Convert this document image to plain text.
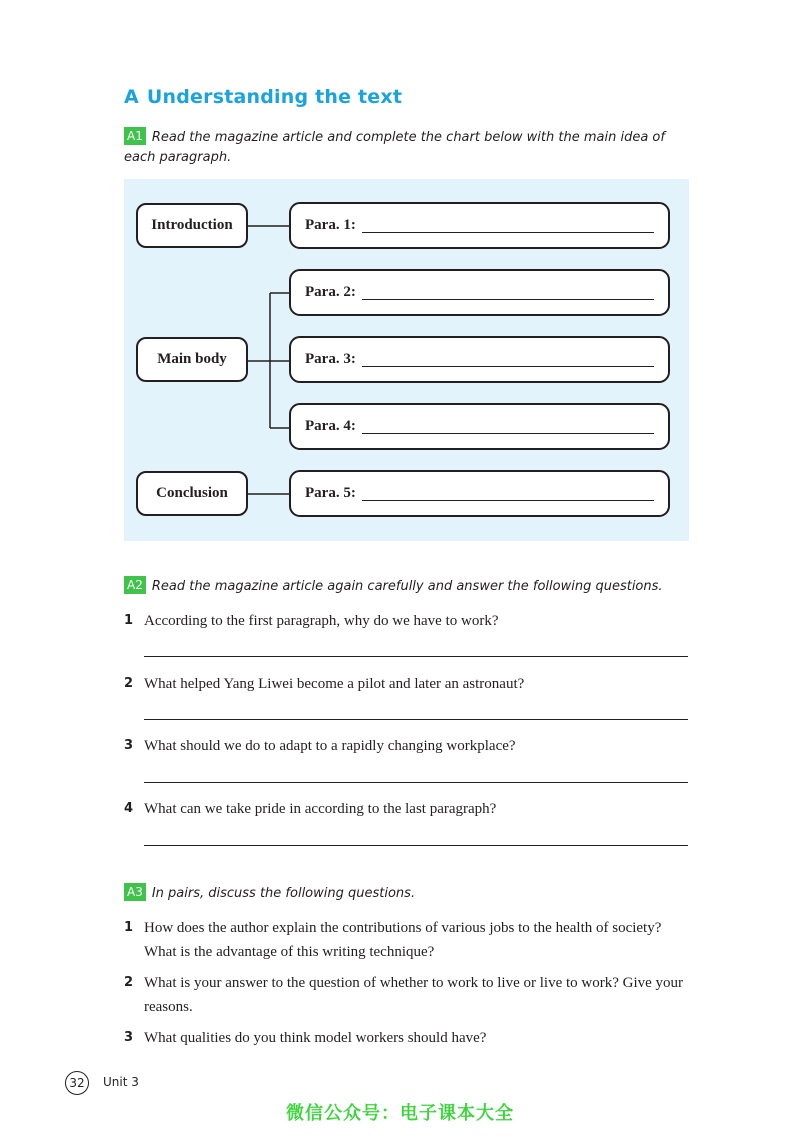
A Understanding the text
A1 Read the magazine article and complete the chart below with the main idea of each paragraph.
Introduction
Main body
Conclusion
Para. 1:
Para. 2:
Para. 3:
Para. 4:
Para. 5:
A2 Read the magazine article again carefully and answer the following questions.
1 According to the first paragraph, why do we have to work?
2 What helped Yang Liwei become a pilot and later an astronaut?
3 What should we do to adapt to a rapidly changing workplace?
4 What can we take pride in according to the last paragraph?
A3 In pairs, discuss the following questions.
1 How does the author explain the contributions of various jobs to the health of society? What is the advantage of this writing technique?
2 What is your answer to the question of whether to work to live or live to work? Give your reasons.
3 What qualities do you think model workers should have?
32	Unit 3
微信公众号：电子课本大全
